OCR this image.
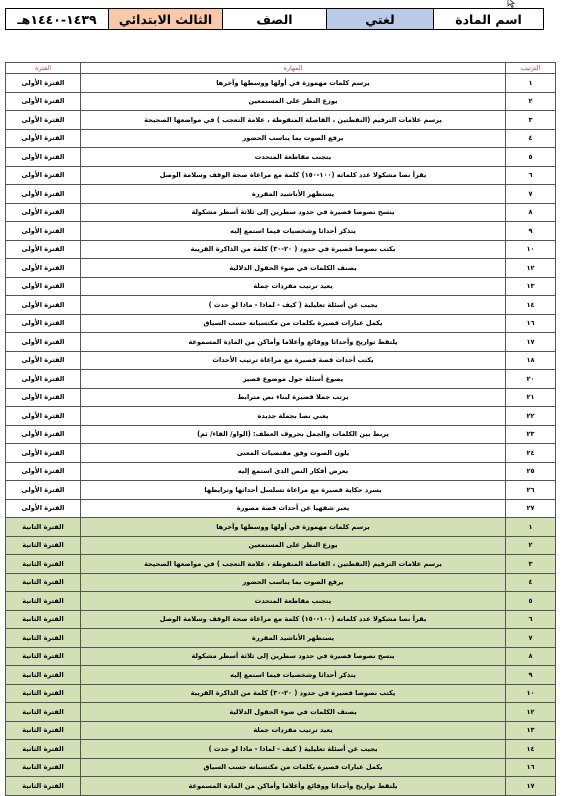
١٤٣٩-١٤٤٠هـ	الثالث الابتدائي	الصف	لغتي	اسم المادة
الترتيب	المهارة	الفترة
١	يرسم كلمات مهموزة في أولها ووسطها وآخرها	الفترة الأولى
٢	يوزع النظر على المستمعين	الفترة الأولى
٣	يرسم علامات الترقيم (النقطتين ، الفاصلة المنقوطة ، علامة التعجب ) في مواضعها الصحيحة	الفترة الأولى
٤	يرفع الصوت بما يناسب الحضور	الفترة الأولى
٥	يتجنب مقاطعة المتحدث	الفترة الأولى
٦	يقرأ نصا مشكولا عدد كلماته (١٠٠-١٥٠) كلمة مع مراعاة صحة الوقف وسلامة الوصل	الفترة الأولى
٧	يستظهر الأناشيد المقررة	الفترة الأولى
٨	ينسخ نصوصا قصيرة في حدود سطرين إلى ثلاثة أسطر مشكولة	الفترة الأولى
٩	يتذكر أحداثا وشخصيات فيما استمع إليه	الفترة الأولى
١٠	يكتب نصوصا قصيرة في حدود ( ٢٠-٣٠) كلمة من الذاكرة القريبة	الفترة الأولى
١٢	يصنف الكلمات في ضوء الحقول الدلالية	الفترة الأولى
١٣	يعيد ترتيب مفردات جملة	الفترة الأولى
١٤	يجيب عن أسئلة تعليلية ( كيف - لماذا - ماذا لو حدث )	الفترة الأولى
١٦	يكمل عبارات قصيرة بكلمات من مكتسباته حسب السياق	الفترة الأولى
١٧	يلتقط تواريخ وأحداثا ووقائع وأعلاما وأماكن من المادة المسموعة	الفترة الأولى
١٨	يكتب أحداث قصة قصيرة مع مراعاة ترتيب الأحداث	الفترة الأولى
٢٠	يصوغ أسئلة حول موضوع قصير	الفترة الأولى
٢١	يرتب جملا قصيرة لبناء نص مترابط	الفترة الأولى
٢٢	يغني نصا بجملة جديدة	الفترة الأولى
٢٣	يربط بين الكلمات والجمل بحروف العطف: (الواو/ الفاء/ ثم)	الفترة الأولى
٢٤	يلون الصوت وفق مقتضيات المعنى	الفترة الأولى
٢٥	يعرض أفكار النص الذي استمع إليه	الفترة الأولى
٢٦	يسرد حكاية قصيرة مع مراعاة تسلسل أحداثها وترابطها	الفترة الأولى
٢٧	يعبر شفهيا عن أحداث قصة مصورة	الفترة الأولى
١	يرسم كلمات مهموزة في أولها ووسطها وآخرها	الفترة الثانية
٢	يوزع النظر على المستمعين	الفترة الثانية
٣	يرسم علامات الترقيم (النقطتين ، الفاصلة المنقوطة ، علامة التعجب ) في مواضعها الصحيحة	الفترة الثانية
٤	يرفع الصوت بما يناسب الحضور	الفترة الثانية
٥	يتجنب مقاطعة المتحدث	الفترة الثانية
٦	يقرأ نصا مشكولا عدد كلماته (١٠٠-١٥٠) كلمة مع مراعاة صحة الوقف وسلامة الوصل	الفترة الثانية
٧	يستظهر الأناشيد المقررة	الفترة الثانية
٨	ينسخ نصوصا قصيرة في حدود سطرين إلى ثلاثة أسطر مشكولة	الفترة الثانية
٩	يتذكر أحداثا وشخصيات فيما استمع إليه	الفترة الثانية
١٠	يكتب نصوصا قصيرة في حدود ( ٢٠-٣٠) كلمة من الذاكرة القريبة	الفترة الثانية
١٢	يصنف الكلمات في ضوء الحقول الدلالية	الفترة الثانية
١٣	يعيد ترتيب مفردات جملة	الفترة الثانية
١٤	يجيب عن أسئلة تعليلية ( كيف - لماذا - ماذا لو حدث )	الفترة الثانية
١٦	يكمل عبارات قصيرة بكلمات من مكتسباته حسب السياق	الفترة الثانية
١٧	يلتقط تواريخ وأحداثا ووقائع وأعلاما وأماكن من المادة المسموعة	الفترة الثانية
